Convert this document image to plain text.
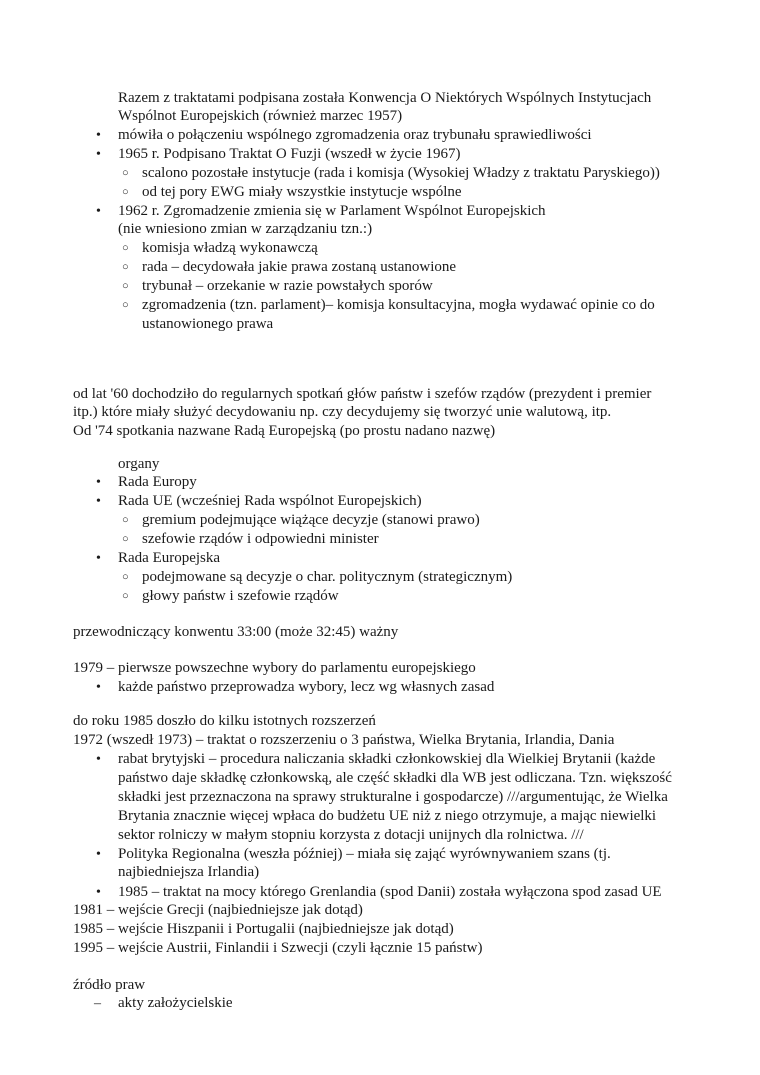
Razem z traktatami podpisana została Konwencja O Niektórych Wspólnych Instytucjach
Wspólnot Europejskich (również marzec 1957)
• mówiła o połączeniu wspólnego zgromadzenia oraz trybunału sprawiedliwości
• 1965 r. Podpisano Traktat O Fuzji (wszedł w życie 1967)
○ scalono pozostałe instytucje (rada i komisja (Wysokiej Władzy z traktatu Paryskiego))
○ od tej pory EWG miały wszystkie instytucje wspólne
• 1962 r. Zgromadzenie zmienia się w Parlament Wspólnot Europejskich
(nie wniesiono zmian w zarządzaniu tzn.:)
○ komisja władzą wykonawczą
○ rada – decydowała jakie prawa zostaną ustanowione
○ trybunał – orzekanie w razie powstałych sporów
○ zgromadzenia (tzn. parlament)– komisja konsultacyjna, mogła wydawać opinie co do
ustanowionego prawa
od lat '60 dochodziło do regularnych spotkań głów państw i szefów rządów (prezydent i premier
itp.) które miały służyć decydowaniu np. czy decydujemy się tworzyć unie walutową, itp.
Od '74 spotkania nazwane Radą Europejską (po prostu nadano nazwę)
organy
• Rada Europy
• Rada UE (wcześniej Rada wspólnot Europejskich)
○ gremium podejmujące wiążące decyzje (stanowi prawo)
○ szefowie rządów i odpowiedni minister
• Rada Europejska
○ podejmowane są decyzje o char. politycznym (strategicznym)
○ głowy państw i szefowie rządów
przewodniczący konwentu 33:00 (może 32:45) ważny
1979 – pierwsze powszechne wybory do parlamentu europejskiego
• każde państwo przeprowadza wybory, lecz wg własnych zasad
do roku 1985 doszło do kilku istotnych rozszerzeń
1972 (wszedł 1973) – traktat o rozszerzeniu o 3 państwa, Wielka Brytania, Irlandia, Dania
• rabat brytyjski – procedura naliczania składki członkowskiej dla Wielkiej Brytanii (każde
państwo daje składkę członkowską, ale część składki dla WB jest odliczana. Tzn. większość
składki jest przeznaczona na sprawy strukturalne i gospodarcze) ///argumentując, że Wielka
Brytania znacznie więcej wpłaca do budżetu UE niż z niego otrzymuje, a mając niewielki
sektor rolniczy w małym stopniu korzysta z dotacji unijnych dla rolnictwa. ///
• Polityka Regionalna (weszła później) – miała się zająć wyrównywaniem szans (tj.
najbiedniejsza Irlandia)
• 1985 – traktat na mocy którego Grenlandia (spod Danii) została wyłączona spod zasad UE
1981 – wejście Grecji (najbiedniejsze jak dotąd)
1985 – wejście Hiszpanii i Portugalii (najbiedniejsze jak dotąd)
1995 – wejście Austrii, Finlandii i Szwecji (czyli łącznie 15 państw)
źródło praw
– akty założycielskie
